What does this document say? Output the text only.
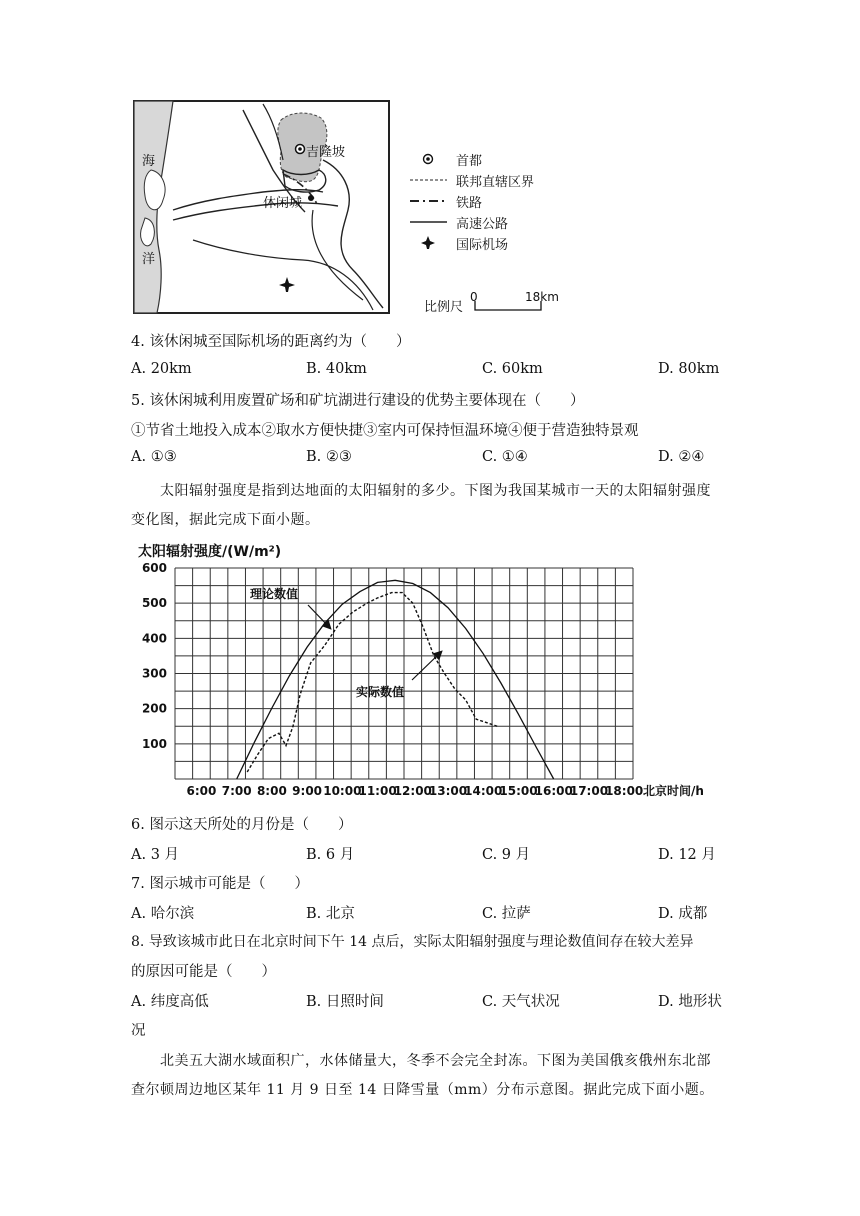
海
洋
吉隆坡
休闲城
首都
联邦直辖区界
铁路
高速公路
国际机场
比例尺
0	18km
4. 该休闲城至国际机场的距离约为（　　）
A. 20km	B. 40km	C. 60km	D. 80km
5. 该休闲城利用废置矿场和矿坑湖进行建设的优势主要体现在（　　）
①节省土地投入成本②取水方便快捷③室内可保持恒温环境④便于营造独特景观
A. ①③	B. ②③	C. ①④	D. ②④
太阳辐射强度是指到达地面的太阳辐射的多少。下图为我国某城市一天的太阳辐射强度
变化图，据此完成下面小题。
太阳辐射强度/(W/m²)
100
200
300
400
500
600
6:00 7:00 8:00 9:00 10:00
11:00
12:00
13:00
14:00
15:00
16:00
17:00
18:00 北京时间/h
理论数值
实际数值
6. 图示这天所处的月份是（　　）
A. 3 月	B. 6 月	C. 9 月	D. 12 月
7. 图示城市可能是（　　）
A. 哈尔滨	B. 北京	C. 拉萨	D. 成都
8. 导致该城市此日在北京时间下午 14 点后，实际太阳辐射强度与理论数值间存在较大差异
的原因可能是（　　）
A. 纬度高低	B. 日照时间	C. 天气状况	D. 地形状
况
北美五大湖水域面积广，水体储量大，冬季不会完全封冻。下图为美国俄亥俄州东北部
查尔顿周边地区某年 11 月 9 日至 14 日降雪量（mm）分布示意图。据此完成下面小题。
